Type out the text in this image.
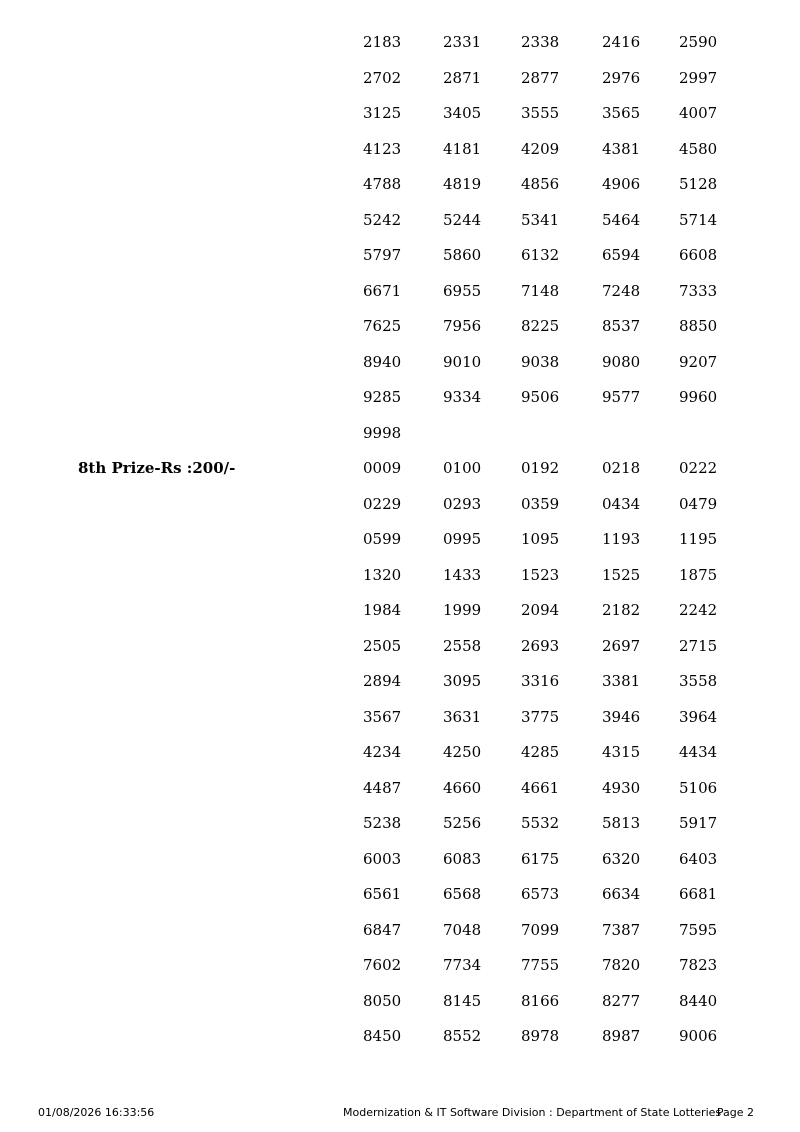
2183	2331	2338	2416	2590
2702	2871	2877	2976	2997
3125	3405	3555	3565	4007
4123	4181	4209	4381	4580
4788	4819	4856	4906	5128
5242	5244	5341	5464	5714
5797	5860	6132	6594	6608
6671	6955	7148	7248	7333
7625	7956	8225	8537	8850
8940	9010	9038	9080	9207
9285	9334	9506	9577	9960
9998
8th Prize-Rs :200/-	0009	0100	0192	0218	0222
0229	0293	0359	0434	0479
0599	0995	1095	1193	1195
1320	1433	1523	1525	1875
1984	1999	2094	2182	2242
2505	2558	2693	2697	2715
2894	3095	3316	3381	3558
3567	3631	3775	3946	3964
4234	4250	4285	4315	4434
4487	4660	4661	4930	5106
5238	5256	5532	5813	5917
6003	6083	6175	6320	6403
6561	6568	6573	6634	6681
6847	7048	7099	7387	7595
7602	7734	7755	7820	7823
8050	8145	8166	8277	8440
8450	8552	8978	8987	9006
01/08/2026 16:33:56	Modernization & IT Software Division : Department of State Lotteries
Page 2
